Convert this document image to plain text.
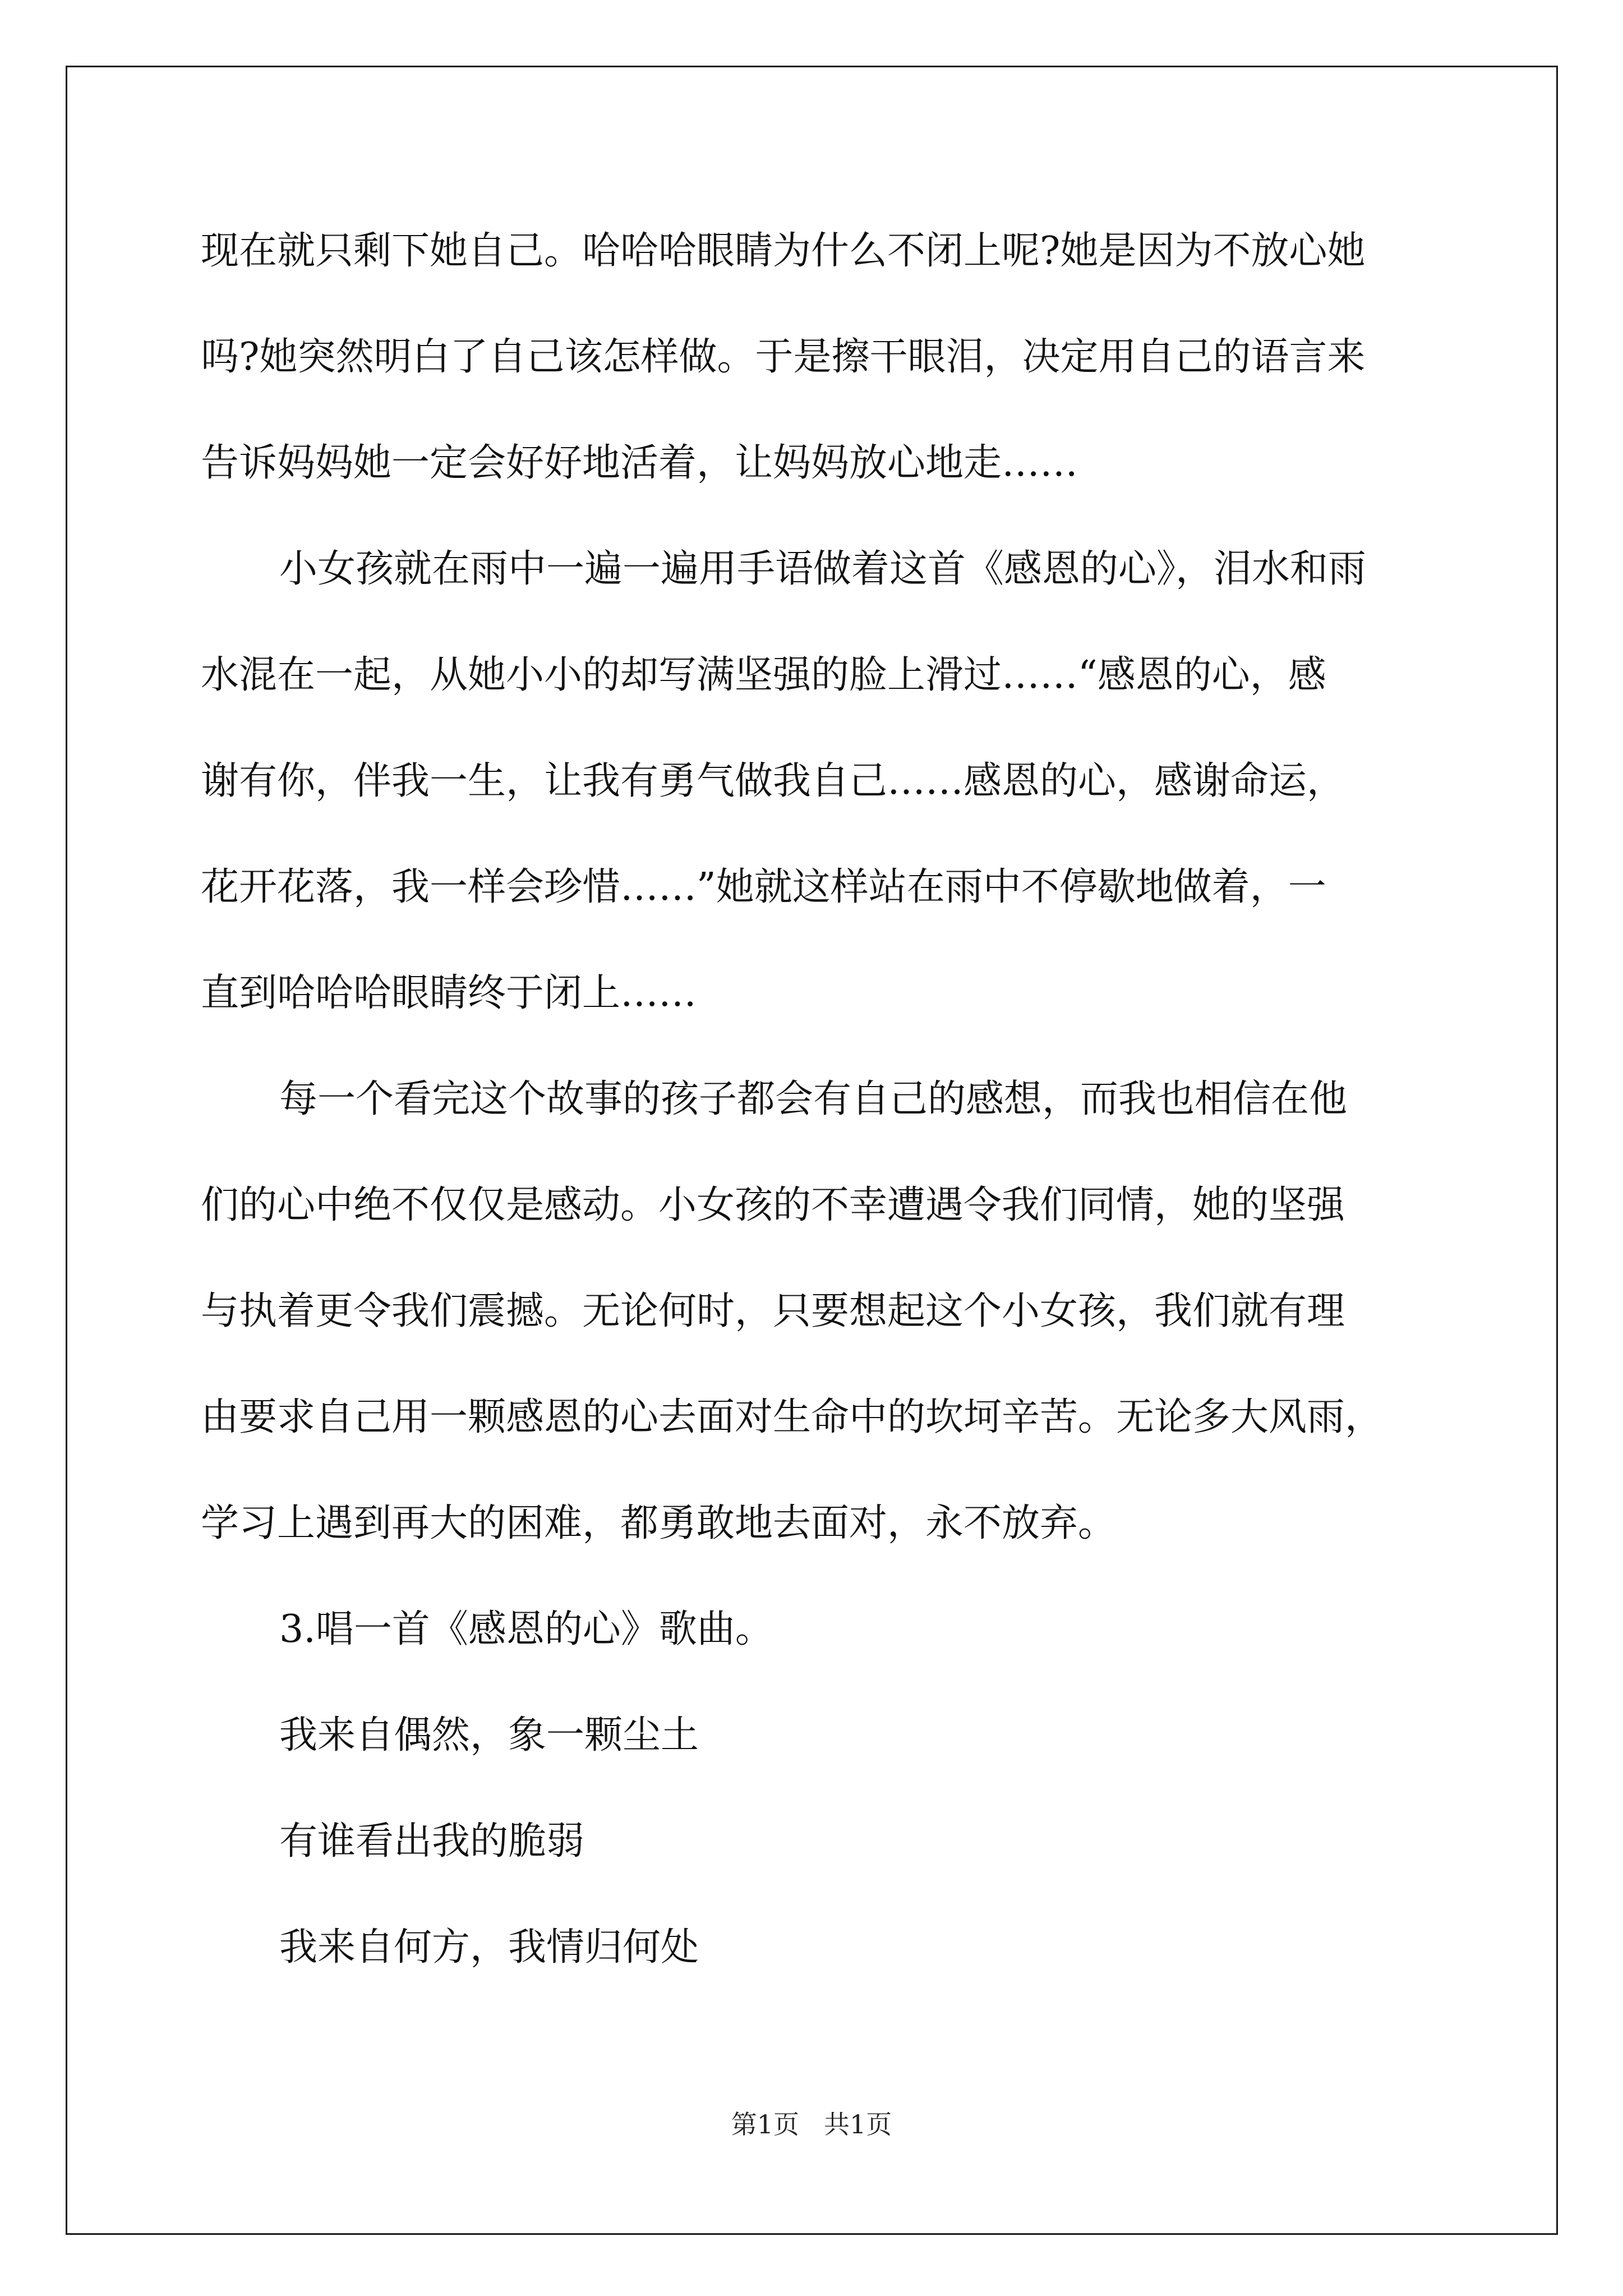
现在就只剩下她自己。哈哈哈眼睛为什么不闭上呢?她是因为不放心她
吗?她突然明白了自己该怎样做。于是擦干眼泪，决定用自己的语言来
告诉妈妈她一定会好好地活着，让妈妈放心地走……
小女孩就在雨中一遍一遍用手语做着这首《感恩的心》，泪水和雨
水混在一起，从她小小的却写满坚强的脸上滑过……“感恩的心，感
谢有你，伴我一生，让我有勇气做我自己……感恩的心，感谢命运，
花开花落，我一样会珍惜……”她就这样站在雨中不停歇地做着，一
直到哈哈哈眼睛终于闭上……
每一个看完这个故事的孩子都会有自己的感想，而我也相信在他
们的心中绝不仅仅是感动。小女孩的不幸遭遇令我们同情，她的坚强
与执着更令我们震撼。无论何时，只要想起这个小女孩，我们就有理
由要求自己用一颗感恩的心去面对生命中的坎坷辛苦。无论多大风雨，
学习上遇到再大的困难，都勇敢地去面对，永不放弃。
3.唱一首《感恩的心》歌曲。
我来自偶然，象一颗尘土
有谁看出我的脆弱
我来自何方，我情归何处
第1页 共1页
